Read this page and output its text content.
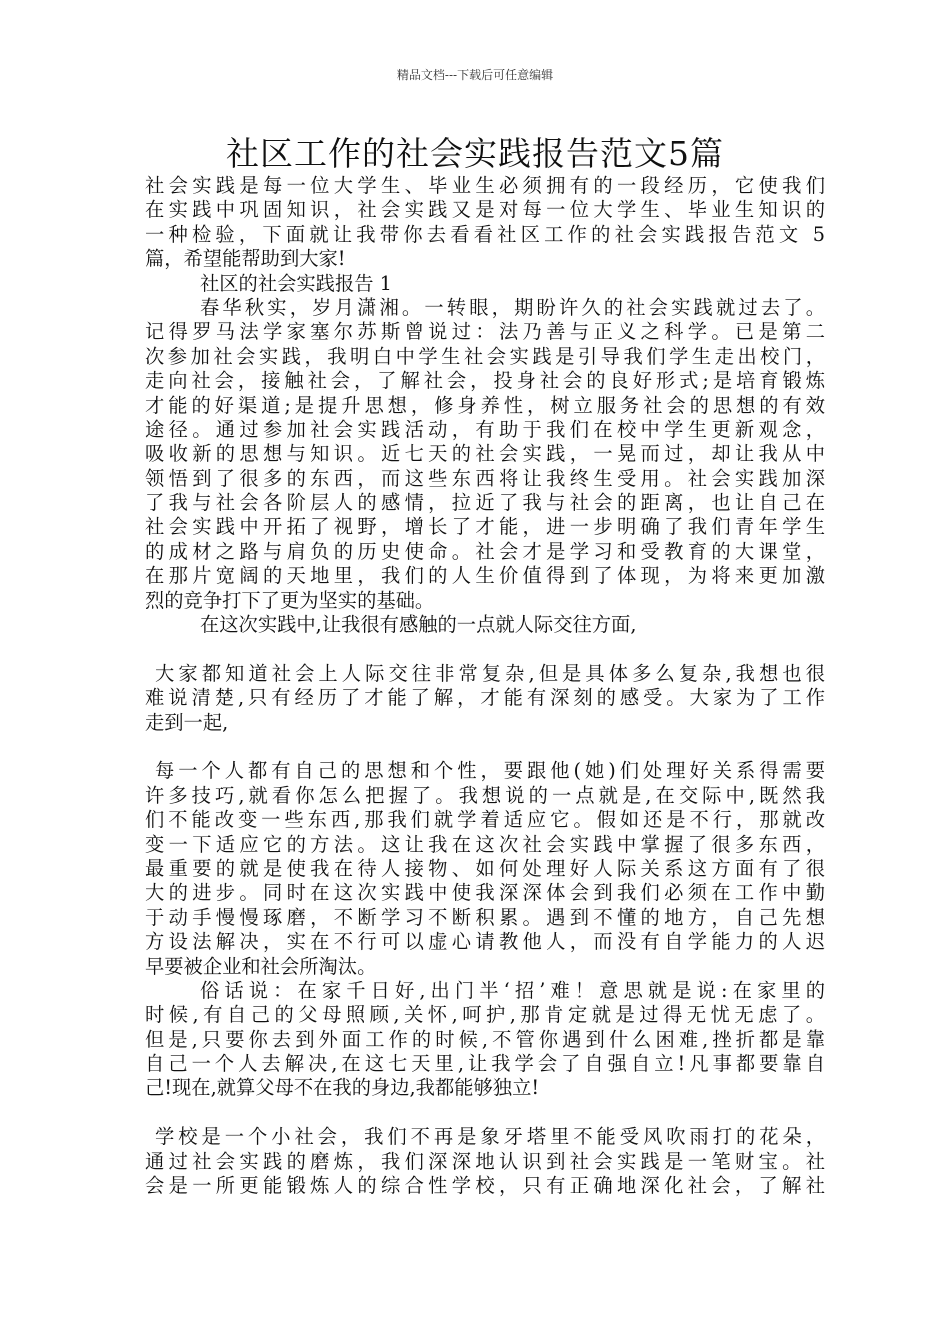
精品文档---下载后可任意编辑
社区工作的社会实践报告范文5篇
社会实践是每一位大学生、毕业生必须拥有的一段经历，它使我们
在实践中巩固知识，社会实践又是对每一位大学生、毕业生知识的
一种检验，下面就让我带你去看看社区工作的社会实践报告范文 5
篇，希望能帮助到大家!
社区的社会实践报告 1
春华秋实，岁月潇湘。一转眼，期盼许久的社会实践就过去了。
记得罗马法学家塞尔苏斯曾说过：法乃善与正义之科学。已是第二
次参加社会实践，我明白中学生社会实践是引导我们学生走出校门，
走向社会，接触社会，了解社会，投身社会的良好形式;是培育锻炼
才能的好渠道;是提升思想，修身养性，树立服务社会的思想的有效
途径。通过参加社会实践活动，有助于我们在校中学生更新观念，
吸收新的思想与知识。近七天的社会实践，一晃而过，却让我从中
领悟到了很多的东西，而这些东西将让我终生受用。社会实践加深
了我与社会各阶层人的感情，拉近了我与社会的距离，也让自己在
社会实践中开拓了视野，增长了才能，进一步明确了我们青年学生
的成材之路与肩负的历史使命。社会才是学习和受教育的大课堂，
在那片宽阔的天地里，我们的人生价值得到了体现，为将来更加激
烈的竞争打下了更为坚实的基础。
在这次实践中,让我很有感触的一点就人际交往方面,
大家都知道社会上人际交往非常复杂,但是具体多么复杂,我想也很
难说清楚,只有经历了才能了解，才能有深刻的感受。大家为了工作
走到一起,
每一个人都有自己的思想和个性，要跟他(她)们处理好关系得需要
许多技巧,就看你怎么把握了。我想说的一点就是,在交际中,既然我
们不能改变一些东西,那我们就学着适应它。假如还是不行，那就改
变一下适应它的方法。这让我在这次社会实践中掌握了很多东西，
最重要的就是使我在待人接物、如何处理好人际关系这方面有了很
大的进步。同时在这次实践中使我深深体会到我们必须在工作中勤
于动手慢慢琢磨，不断学习不断积累。遇到不懂的地方，自己先想
方设法解决，实在不行可以虚心请教他人，而没有自学能力的人迟
早要被企业和社会所淘汰。
俗话说：在家千日好,出门半‘招’难！意思就是说:在家里的
时候,有自己的父母照顾,关怀,呵护,那肯定就是过得无忧无虑了。
但是,只要你去到外面工作的时候,不管你遇到什么困难,挫折都是靠
自己一个人去解决,在这七天里,让我学会了自强自立!凡事都要靠自
己!现在,就算父母不在我的身边,我都能够独立!
学校是一个小社会，我们不再是象牙塔里不能受风吹雨打的花朵，
通过社会实践的磨炼，我们深深地认识到社会实践是一笔财宝。社
会是一所更能锻炼人的综合性学校，只有正确地深化社会，了解社
